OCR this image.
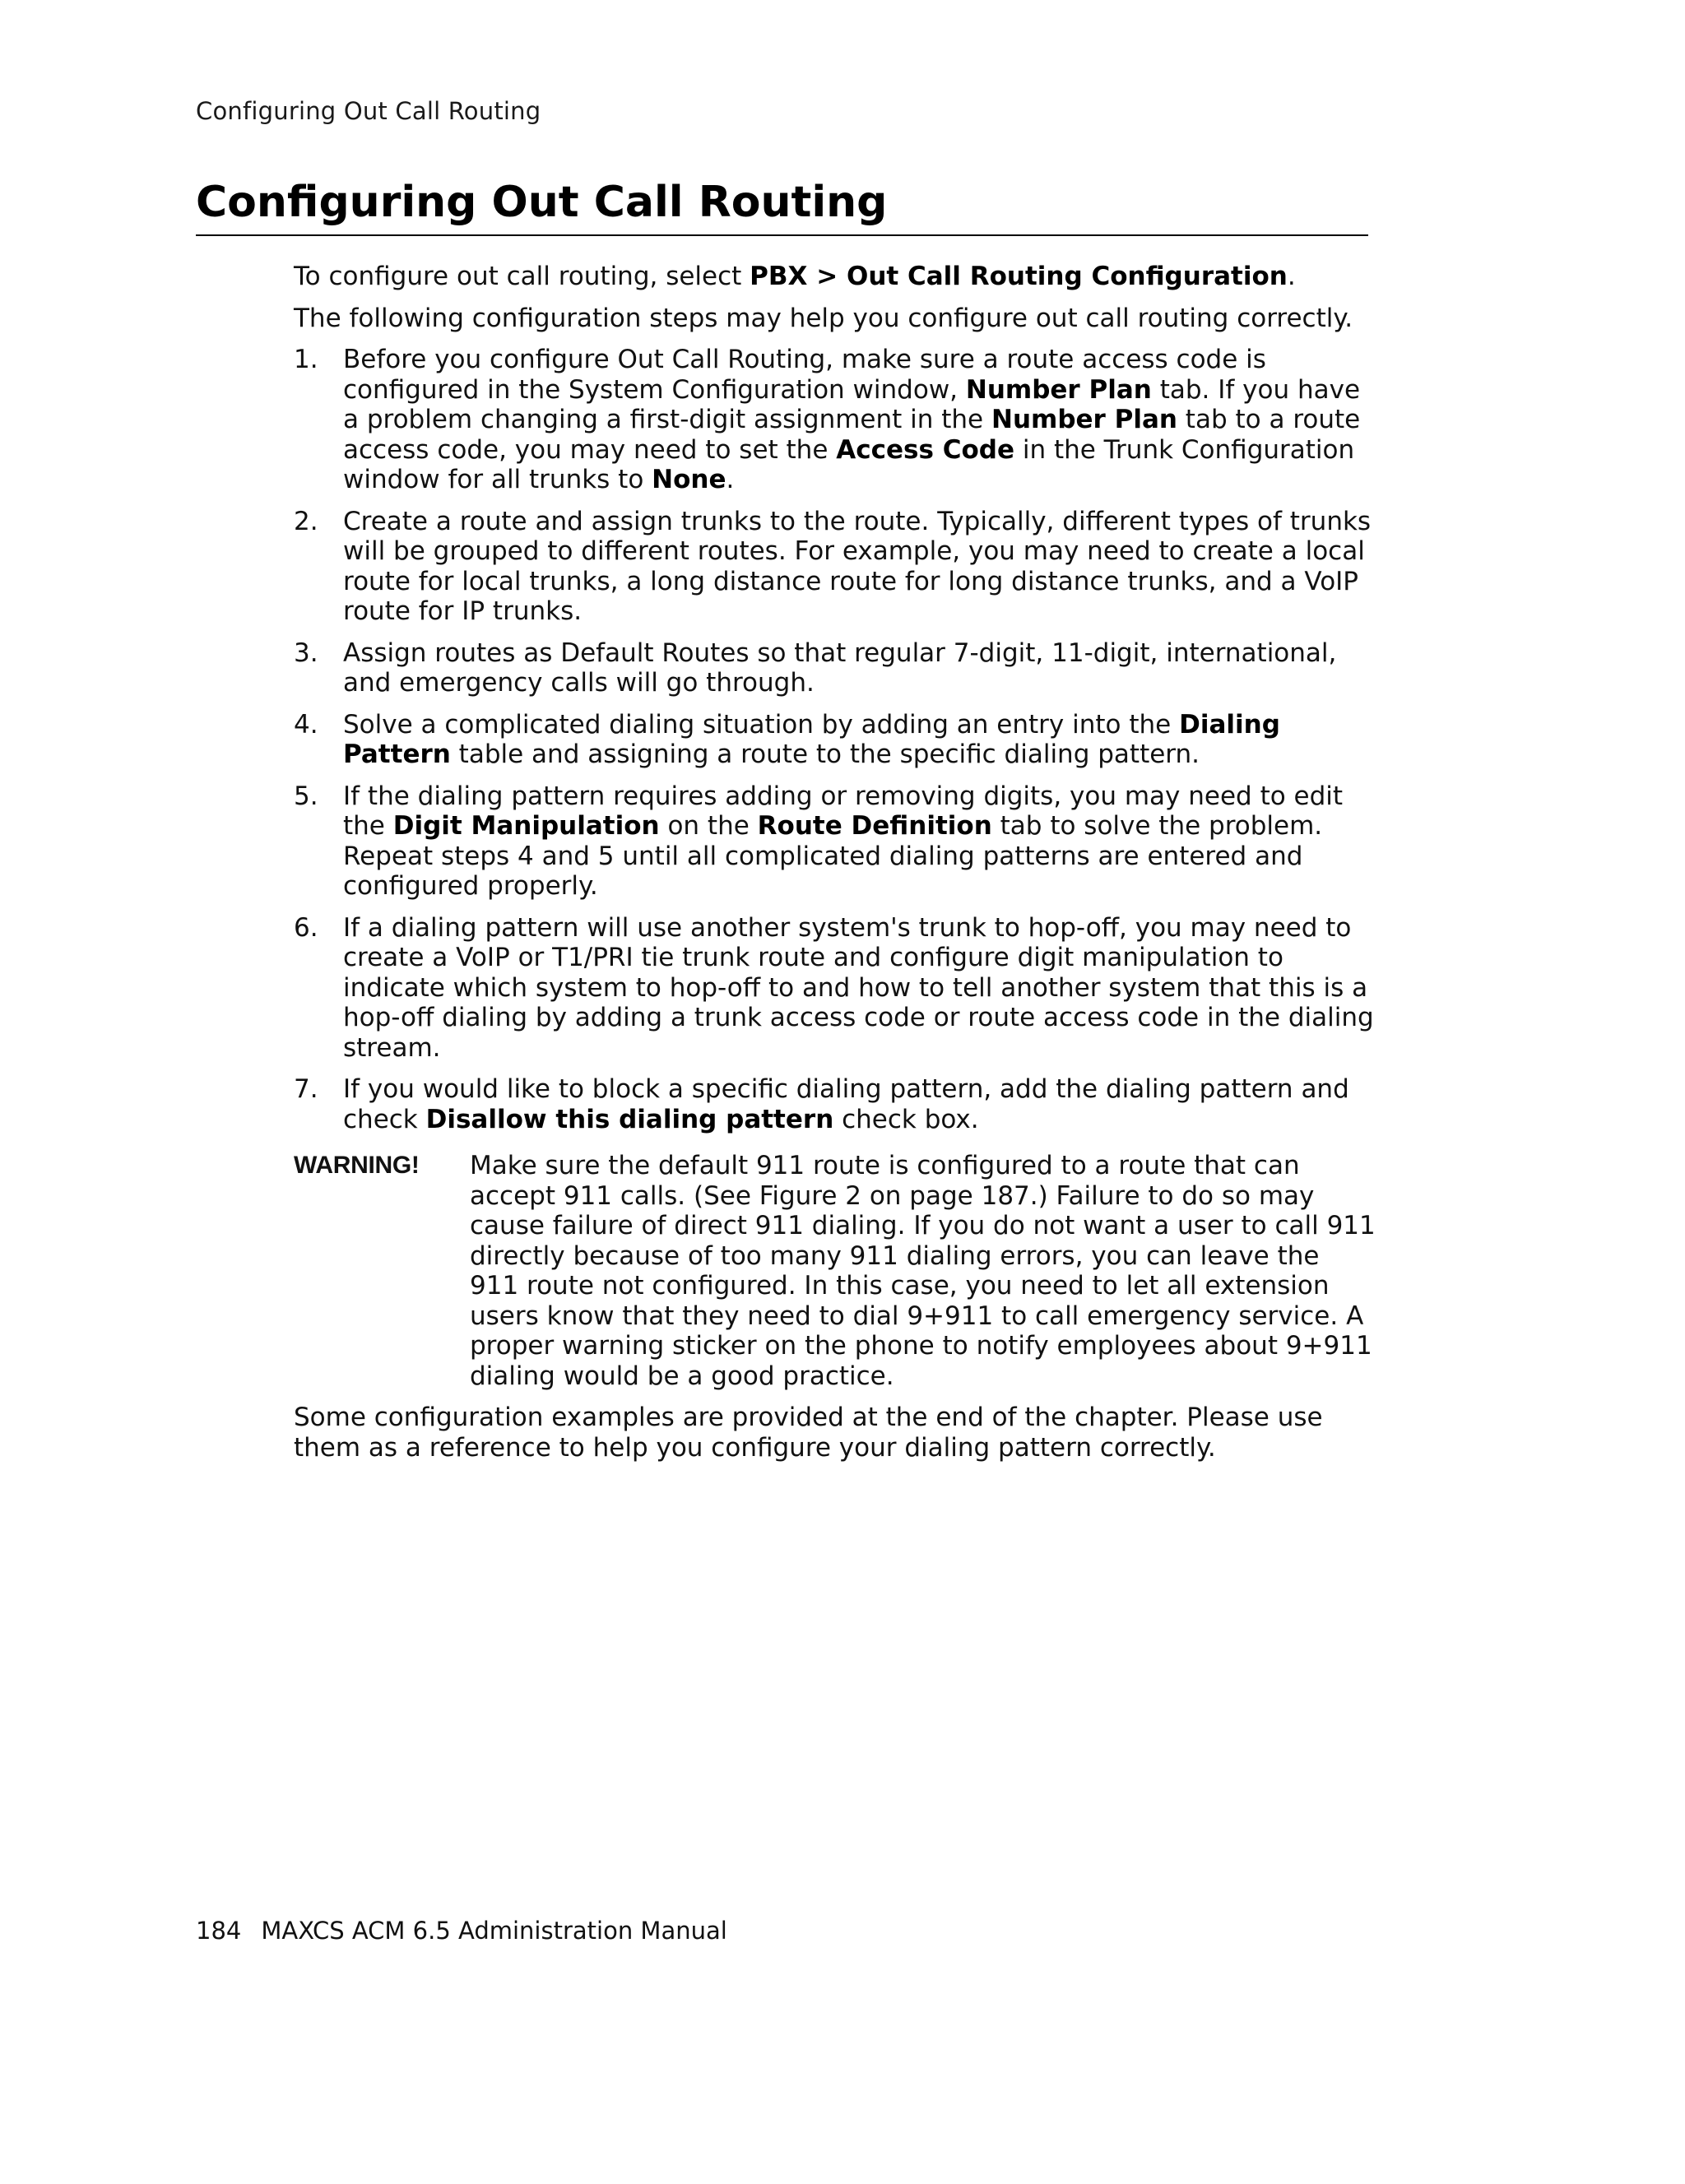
Configuring Out Call Routing
Configuring Out Call Routing

To configure out call routing, select PBX > Out Call Routing Configuration.

The following configuration steps may help you configure out call routing correctly.

1. Before you configure Out Call Routing, make sure a route access code is configured in the System Configuration window, Number Plan tab. If you have a problem changing a first-digit assignment in the Number Plan tab to a route access code, you may need to set the Access Code in the Trunk Configuration window for all trunks to None.
2. Create a route and assign trunks to the route. Typically, different types of trunks will be grouped to different routes. For example, you may need to create a local route for local trunks, a long distance route for long distance trunks, and a VoIP route for IP trunks.
3. Assign routes as Default Routes so that regular 7-digit, 11-digit, international, and emergency calls will go through.
4. Solve a complicated dialing situation by adding an entry into the Dialing Pattern table and assigning a route to the specific dialing pattern.
5. If the dialing pattern requires adding or removing digits, you may need to edit the Digit Manipulation on the Route Definition tab to solve the problem. Repeat steps 4 and 5 until all complicated dialing patterns are entered and configured properly.
6. If a dialing pattern will use another system's trunk to hop-off, you may need to create a VoIP or T1/PRI tie trunk route and configure digit manipulation to indicate which system to hop-off to and how to tell another system that this is a hop-off dialing by adding a trunk access code or route access code in the dialing stream.
7. If you would like to block a specific dialing pattern, add the dialing pattern and check Disallow this dialing pattern check box.
WARNING! Make sure the default 911 route is configured to a route that can accept 911 calls. (See Figure 2 on page 187.) Failure to do so may cause failure of direct 911 dialing. If you do not want a user to call 911 directly because of too many 911 dialing errors, you can leave the 911 route not configured. In this case, you need to let all extension users know that they need to dial 9+911 to call emergency service. A proper warning sticker on the phone to notify employees about 9+911 dialing would be a good practice.

Some configuration examples are provided at the end of the chapter. Please use them as a reference to help you configure your dialing pattern correctly.

184 MAXCS ACM 6.5 Administration Manual
